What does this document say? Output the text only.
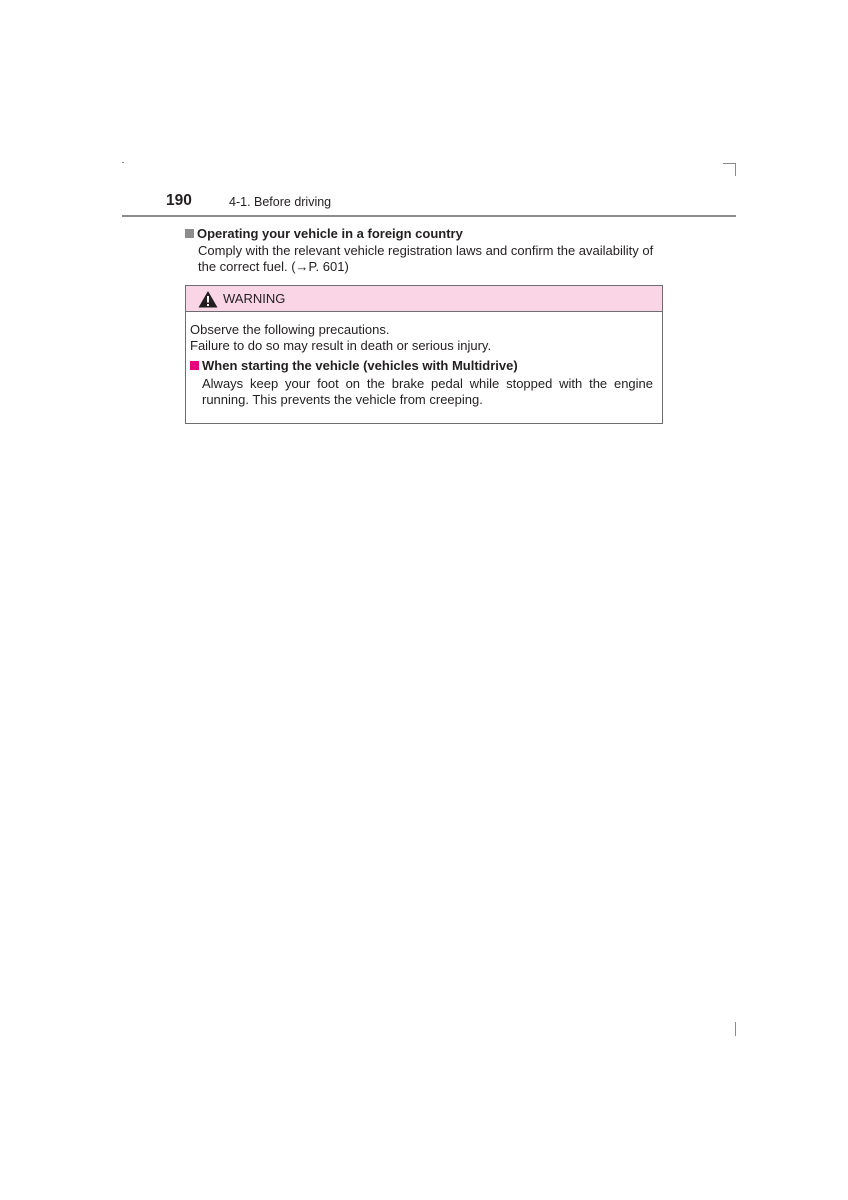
190	4-1. Before driving
Operating your vehicle in a foreign country
Comply with the relevant vehicle registration laws and confirm the availability of the correct fuel. (→P. 601)
WARNING
Observe the following precautions.
Failure to do so may result in death or serious injury.
When starting the vehicle (vehicles with Multidrive)
Always keep your foot on the brake pedal while stopped with the engine running. This prevents the vehicle from creeping.
